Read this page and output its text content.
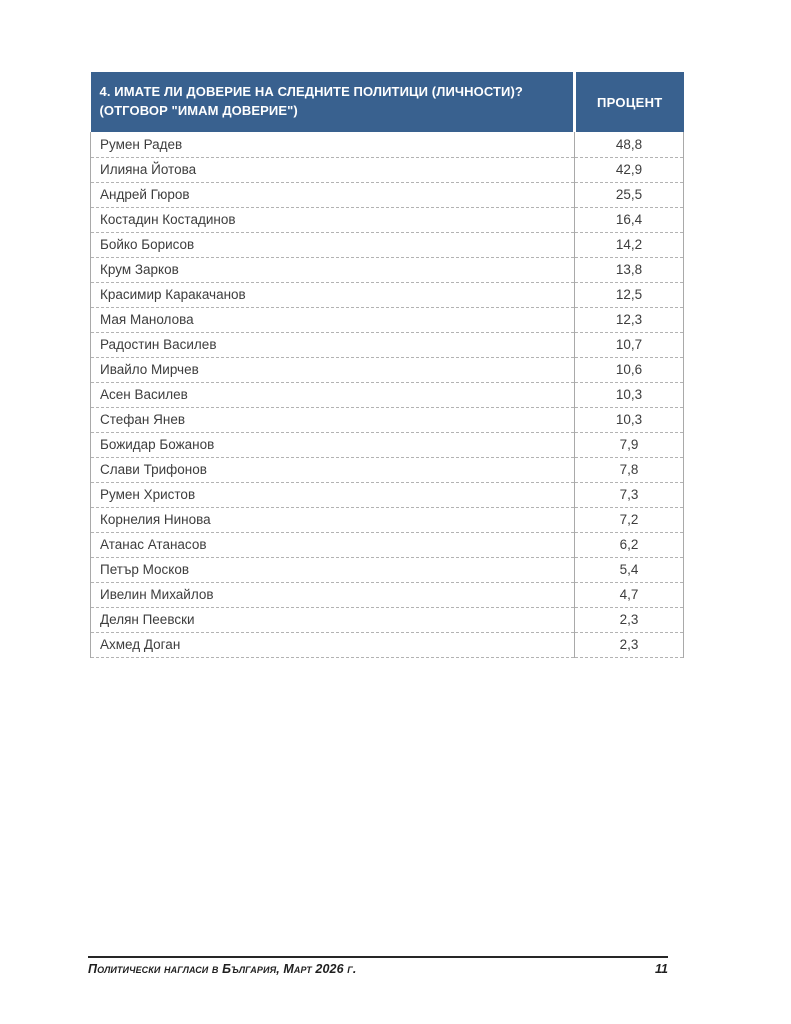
4. ИМАТЕ ЛИ ДОВЕРИЕ НА СЛЕДНИТЕ ПОЛИТИЦИ (ЛИЧНОСТИ)?
(ОТГОВОР "ИМАМ ДОВЕРИЕ")	ПРОЦЕНТ
Румен Радев	48,8
Илияна Йотова	42,9
Андрей Гюров	25,5
Костадин Костадинов	16,4
Бойко Борисов	14,2
Крум Зарков	13,8
Красимир Каракачанов	12,5
Мая Манолова	12,3
Радостин Василев	10,7
Ивайло Мирчев	10,6
Асен Василев	10,3
Стефан Янев	10,3
Божидар Божанов	7,9
Слави Трифонов	7,8
Румен Христов	7,3
Корнелия Нинова	7,2
Атанас Атанасов	6,2
Петър Москов	5,4
Ивелин Михайлов	4,7
Делян Пеевски	2,3
Ахмед Доган	2,3
Политически нагласи в България, Март 2026 г.	11
